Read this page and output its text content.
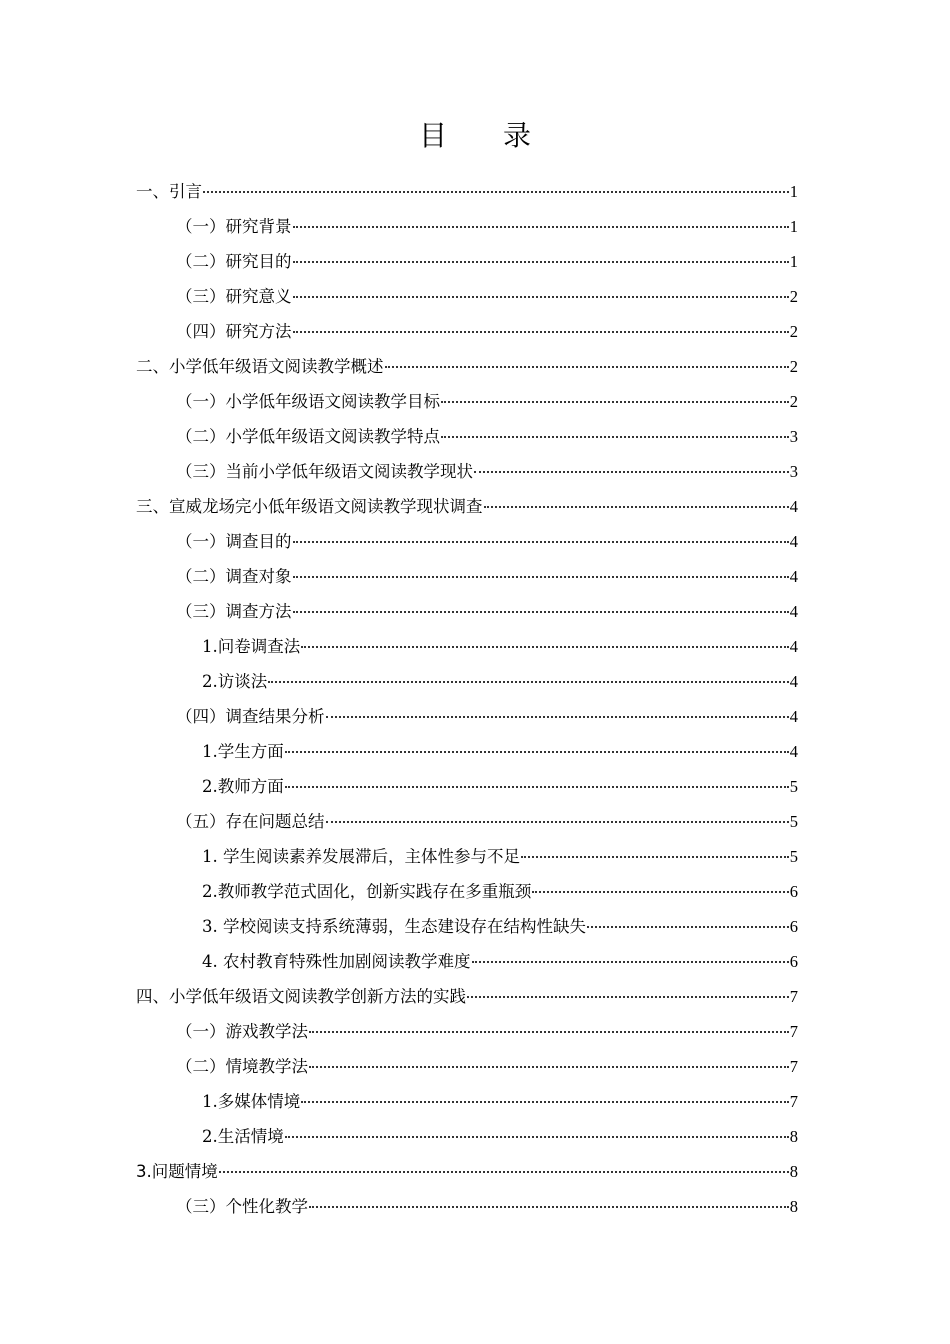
目 录
一、引言	1
（一）研究背景	1
（二）研究目的	1
（三）研究意义	2
（四）研究方法	2
二、小学低年级语文阅读教学概述	2
（一）小学低年级语文阅读教学目标	2
（二）小学低年级语文阅读教学特点	3
（三）当前小学低年级语文阅读教学现状	3
三、宣威龙场完小低年级语文阅读教学现状调查	4
（一）调查目的	4
（二）调查对象	4
（三）调查方法	4
1.问卷调查法	4
2.访谈法	4
（四）调查结果分析	4
1.学生方面	4
2.教师方面	5
（五）存在问题总结	5
1. 学生阅读素养发展滞后，主体性参与不足	5
2.教师教学范式固化，创新实践存在多重瓶颈	6
3. 学校阅读支持系统薄弱，生态建设存在结构性缺失	6
4. 农村教育特殊性加剧阅读教学难度	6
四、小学低年级语文阅读教学创新方法的实践	7
（一）游戏教学法	7
（二）情境教学法	7
1.多媒体情境	7
2.生活情境	8
3.问题情境	8
（三）个性化教学	8
